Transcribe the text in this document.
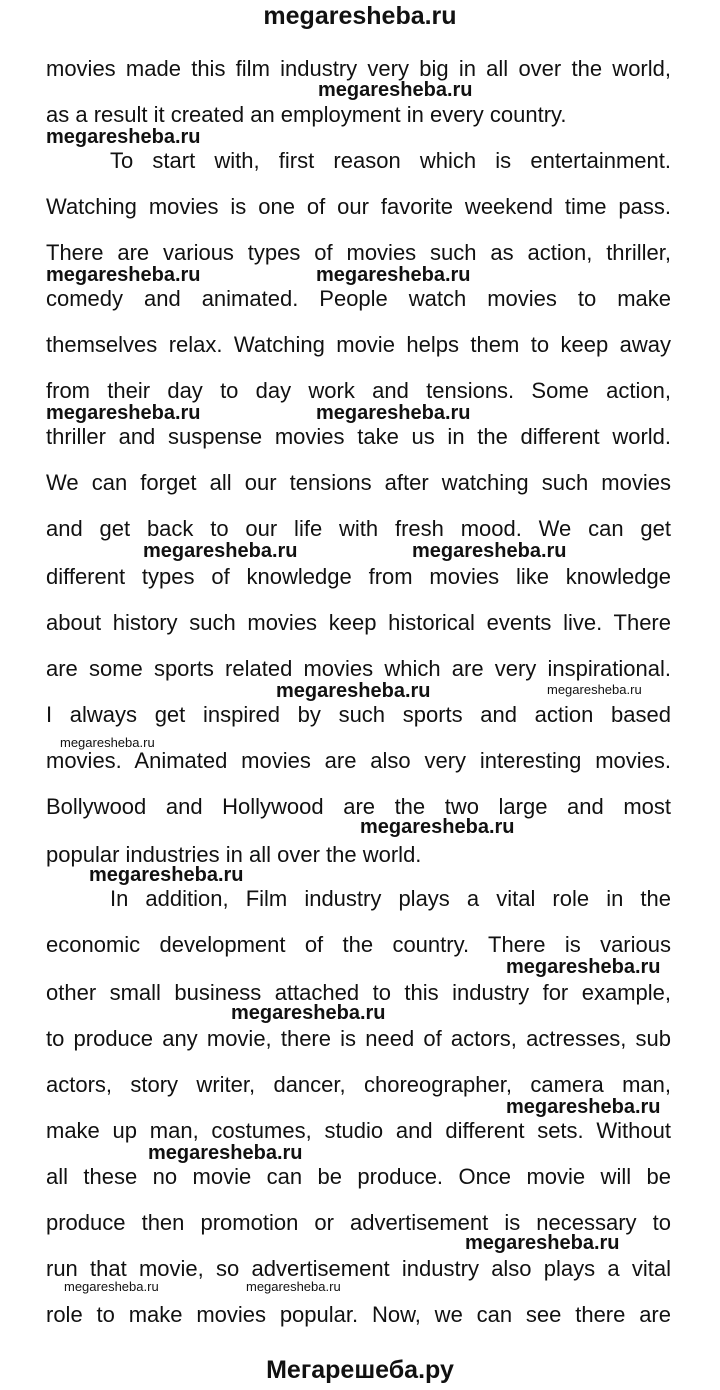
megaresheba.ru
movies made this film industry very big in all over the world,
as a result it created an employment in every country.
To start with, first reason which is entertainment.
Watching movies is one of our favorite weekend time pass.
There are various types of movies such as action, thriller,
comedy and animated. People watch movies to make
themselves relax. Watching movie helps them to keep away
from their day to day work and tensions. Some action,
thriller and suspense movies take us in the different world.
We can forget all our tensions after watching such movies
and get back to our life with fresh mood. We can get
different types of knowledge from movies like knowledge
about history such movies keep historical events live. There
are some sports related movies which are very inspirational.
I always get inspired by such sports and action based
movies. Animated movies are also very interesting movies.
Bollywood and Hollywood are the two large and most
popular industries in all over the world.
In addition, Film industry plays a vital role in the
economic development of the country. There is various
other small business attached to this industry for example,
to produce any movie, there is need of actors, actresses, sub
actors, story writer, dancer, choreographer, camera man,
make up man, costumes, studio and different sets. Without
all these no movie can be produce. Once movie will be
produce then promotion or advertisement is necessary to
run that movie, so advertisement industry also plays a vital
role to make movies popular. Now, we can see there are
megaresheba.ru
megaresheba.ru
megaresheba.ru	megaresheba.ru
megaresheba.ru	megaresheba.ru
megaresheba.ru	megaresheba.ru
megaresheba.ru	megaresheba.ru
megaresheba.ru
megaresheba.ru
megaresheba.ru
megaresheba.ru
megaresheba.ru
megaresheba.ru
megaresheba.ru
megaresheba.ru
megaresheba.ru	megaresheba.ru
Мегарешеба.ру
